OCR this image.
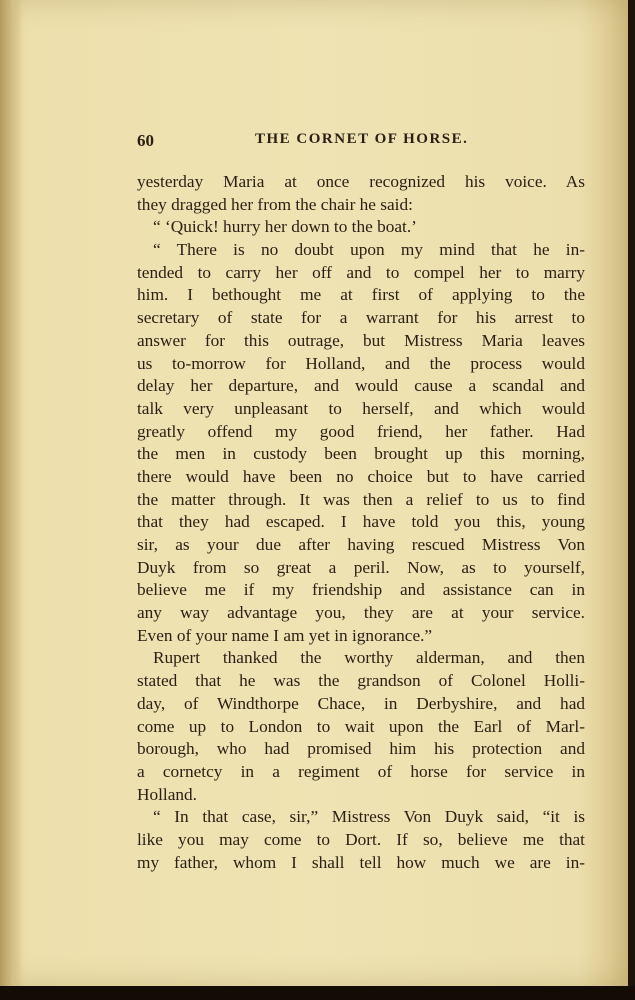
60	THE CORNET OF HORSE.
yesterday Maria at once recognized his voice. As
they dragged her from the chair he said:
“ ‘Quick! hurry her down to the boat.’
“ There is no doubt upon my mind that he in-
tended to carry her off and to compel her to marry
him. I bethought me at first of applying to the
secretary of state for a warrant for his arrest to
answer for this outrage, but Mistress Maria leaves
us to-morrow for Holland, and the process would
delay her departure, and would cause a scandal and
talk very unpleasant to herself, and which would
greatly offend my good friend, her father. Had
the men in custody been brought up this morning,
there would have been no choice but to have carried
the matter through. It was then a relief to us to find
that they had escaped. I have told you this, young
sir, as your due after having rescued Mistress Von
Duyk from so great a peril. Now, as to yourself,
believe me if my friendship and assistance can in
any way advantage you, they are at your service.
Even of your name I am yet in ignorance.”
Rupert thanked the worthy alderman, and then
stated that he was the grandson of Colonel Holli-
day, of Windthorpe Chace, in Derbyshire, and had
come up to London to wait upon the Earl of Marl-
borough, who had promised him his protection and
a cornetcy in a regiment of horse for service in
Holland.
“ In that case, sir,” Mistress Von Duyk said, “it is
like you may come to Dort. If so, believe me that
my father, whom I shall tell how much we are in-
